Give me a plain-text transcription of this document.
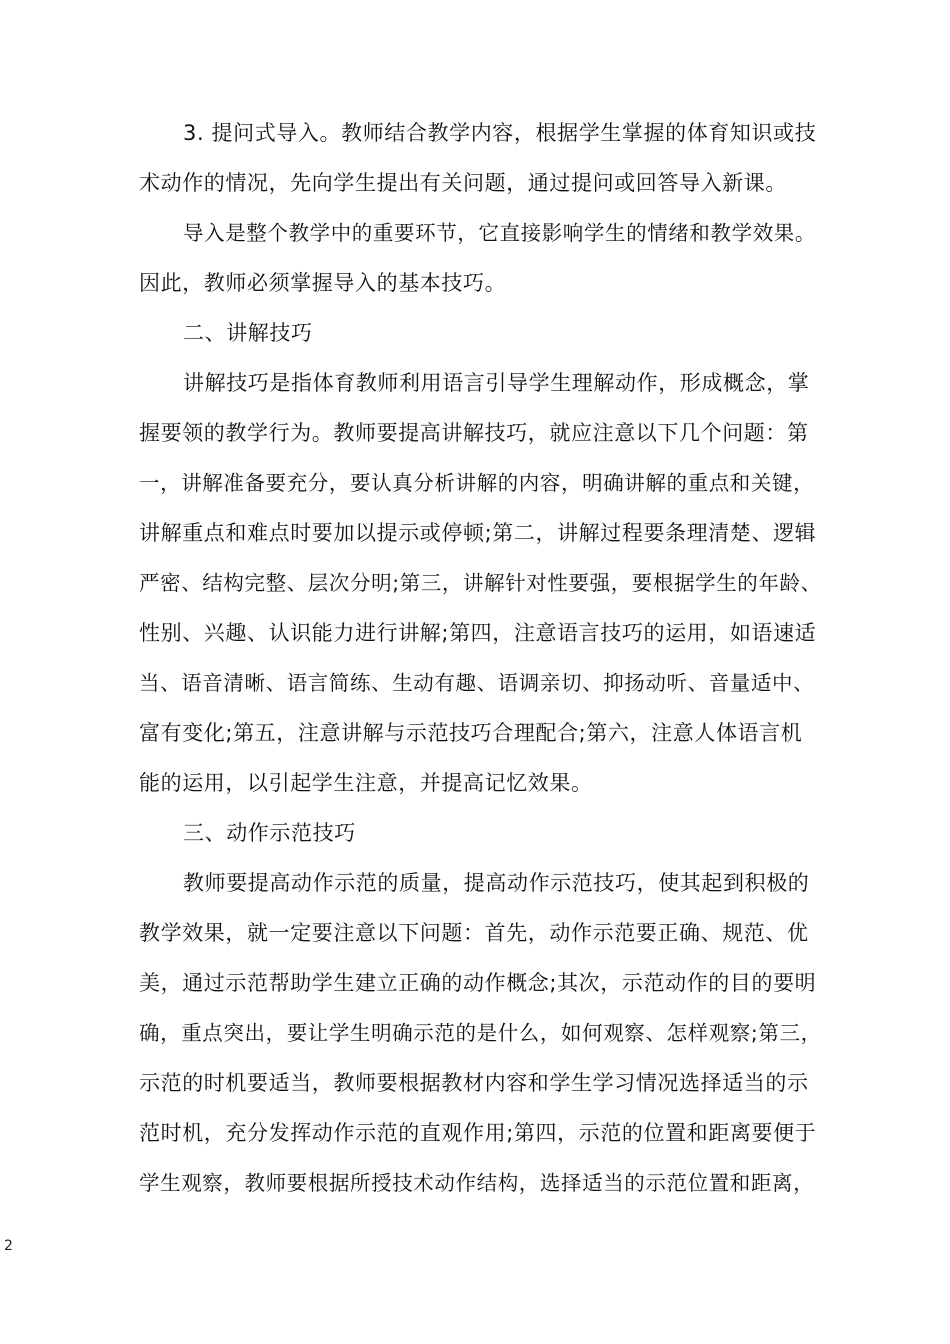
3. 提问式导入。教师结合教学内容，根据学生掌握的体育知识或技
术动作的情况，先向学生提出有关问题，通过提问或回答导入新课。
导入是整个教学中的重要环节，它直接影响学生的情绪和教学效果。
因此，教师必须掌握导入的基本技巧。
二、讲解技巧
讲解技巧是指体育教师利用语言引导学生理解动作，形成概念，掌
握要领的教学行为。教师要提高讲解技巧，就应注意以下几个问题：第
一，讲解准备要充分，要认真分析讲解的内容，明确讲解的重点和关键，
讲解重点和难点时要加以提示或停顿;第二，讲解过程要条理清楚、逻辑
严密、结构完整、层次分明;第三，讲解针对性要强，要根据学生的年龄、
性别、兴趣、认识能力进行讲解;第四，注意语言技巧的运用，如语速适
当、语音清晰、语言简练、生动有趣、语调亲切、抑扬动听、音量适中、
富有变化;第五，注意讲解与示范技巧合理配合;第六，注意人体语言机
能的运用，以引起学生注意，并提高记忆效果。
三、动作示范技巧
教师要提高动作示范的质量，提高动作示范技巧，使其起到积极的
教学效果，就一定要注意以下问题：首先，动作示范要正确、规范、优
美，通过示范帮助学生建立正确的动作概念;其次，示范动作的目的要明
确，重点突出，要让学生明确示范的是什么，如何观察、怎样观察;第三，
示范的时机要适当，教师要根据教材内容和学生学习情况选择适当的示
范时机，充分发挥动作示范的直观作用;第四，示范的位置和距离要便于
学生观察，教师要根据所授技术动作结构，选择适当的示范位置和距离，
2
